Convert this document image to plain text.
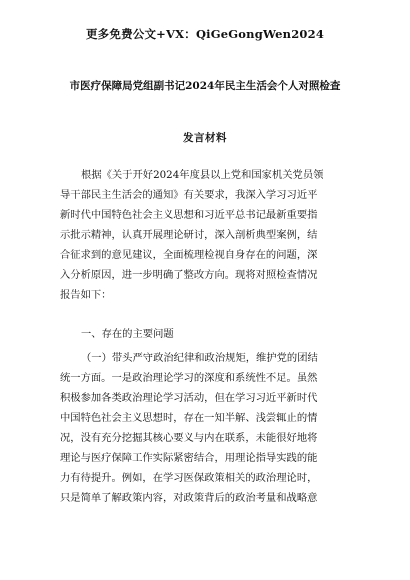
更多免费公文+VX：QiGeGongWen2024
市医疗保障局党组副书记2024年民主生活会个人对照检查
发言材料
根据《关于开好2024年度县以上党和国家机关党员领
导干部民主生活会的通知》有关要求，我深入学习习近平
新时代中国特色社会主义思想和习近平总书记最新重要指
示批示精神，认真开展理论研讨，深入剖析典型案例，结
合征求到的意见建议，全面梳理检视自身存在的问题，深
入分析原因，进一步明确了整改方向。现将对照检查情况
报告如下：
一、存在的主要问题
（一）带头严守政治纪律和政治规矩，维护党的团结
统一方面。一是政治理论学习的深度和系统性不足。虽然
积极参加各类政治理论学习活动，但在学习习近平新时代
中国特色社会主义思想时，存在一知半解、浅尝辄止的情
况，没有充分挖掘其核心要义与内在联系，未能很好地将
理论与医疗保障工作实际紧密结合，用理论指导实践的能
力有待提升。例如，在学习医保政策相关的政治理论时，
只是简单了解政策内容，对政策背后的政治考量和战略意
